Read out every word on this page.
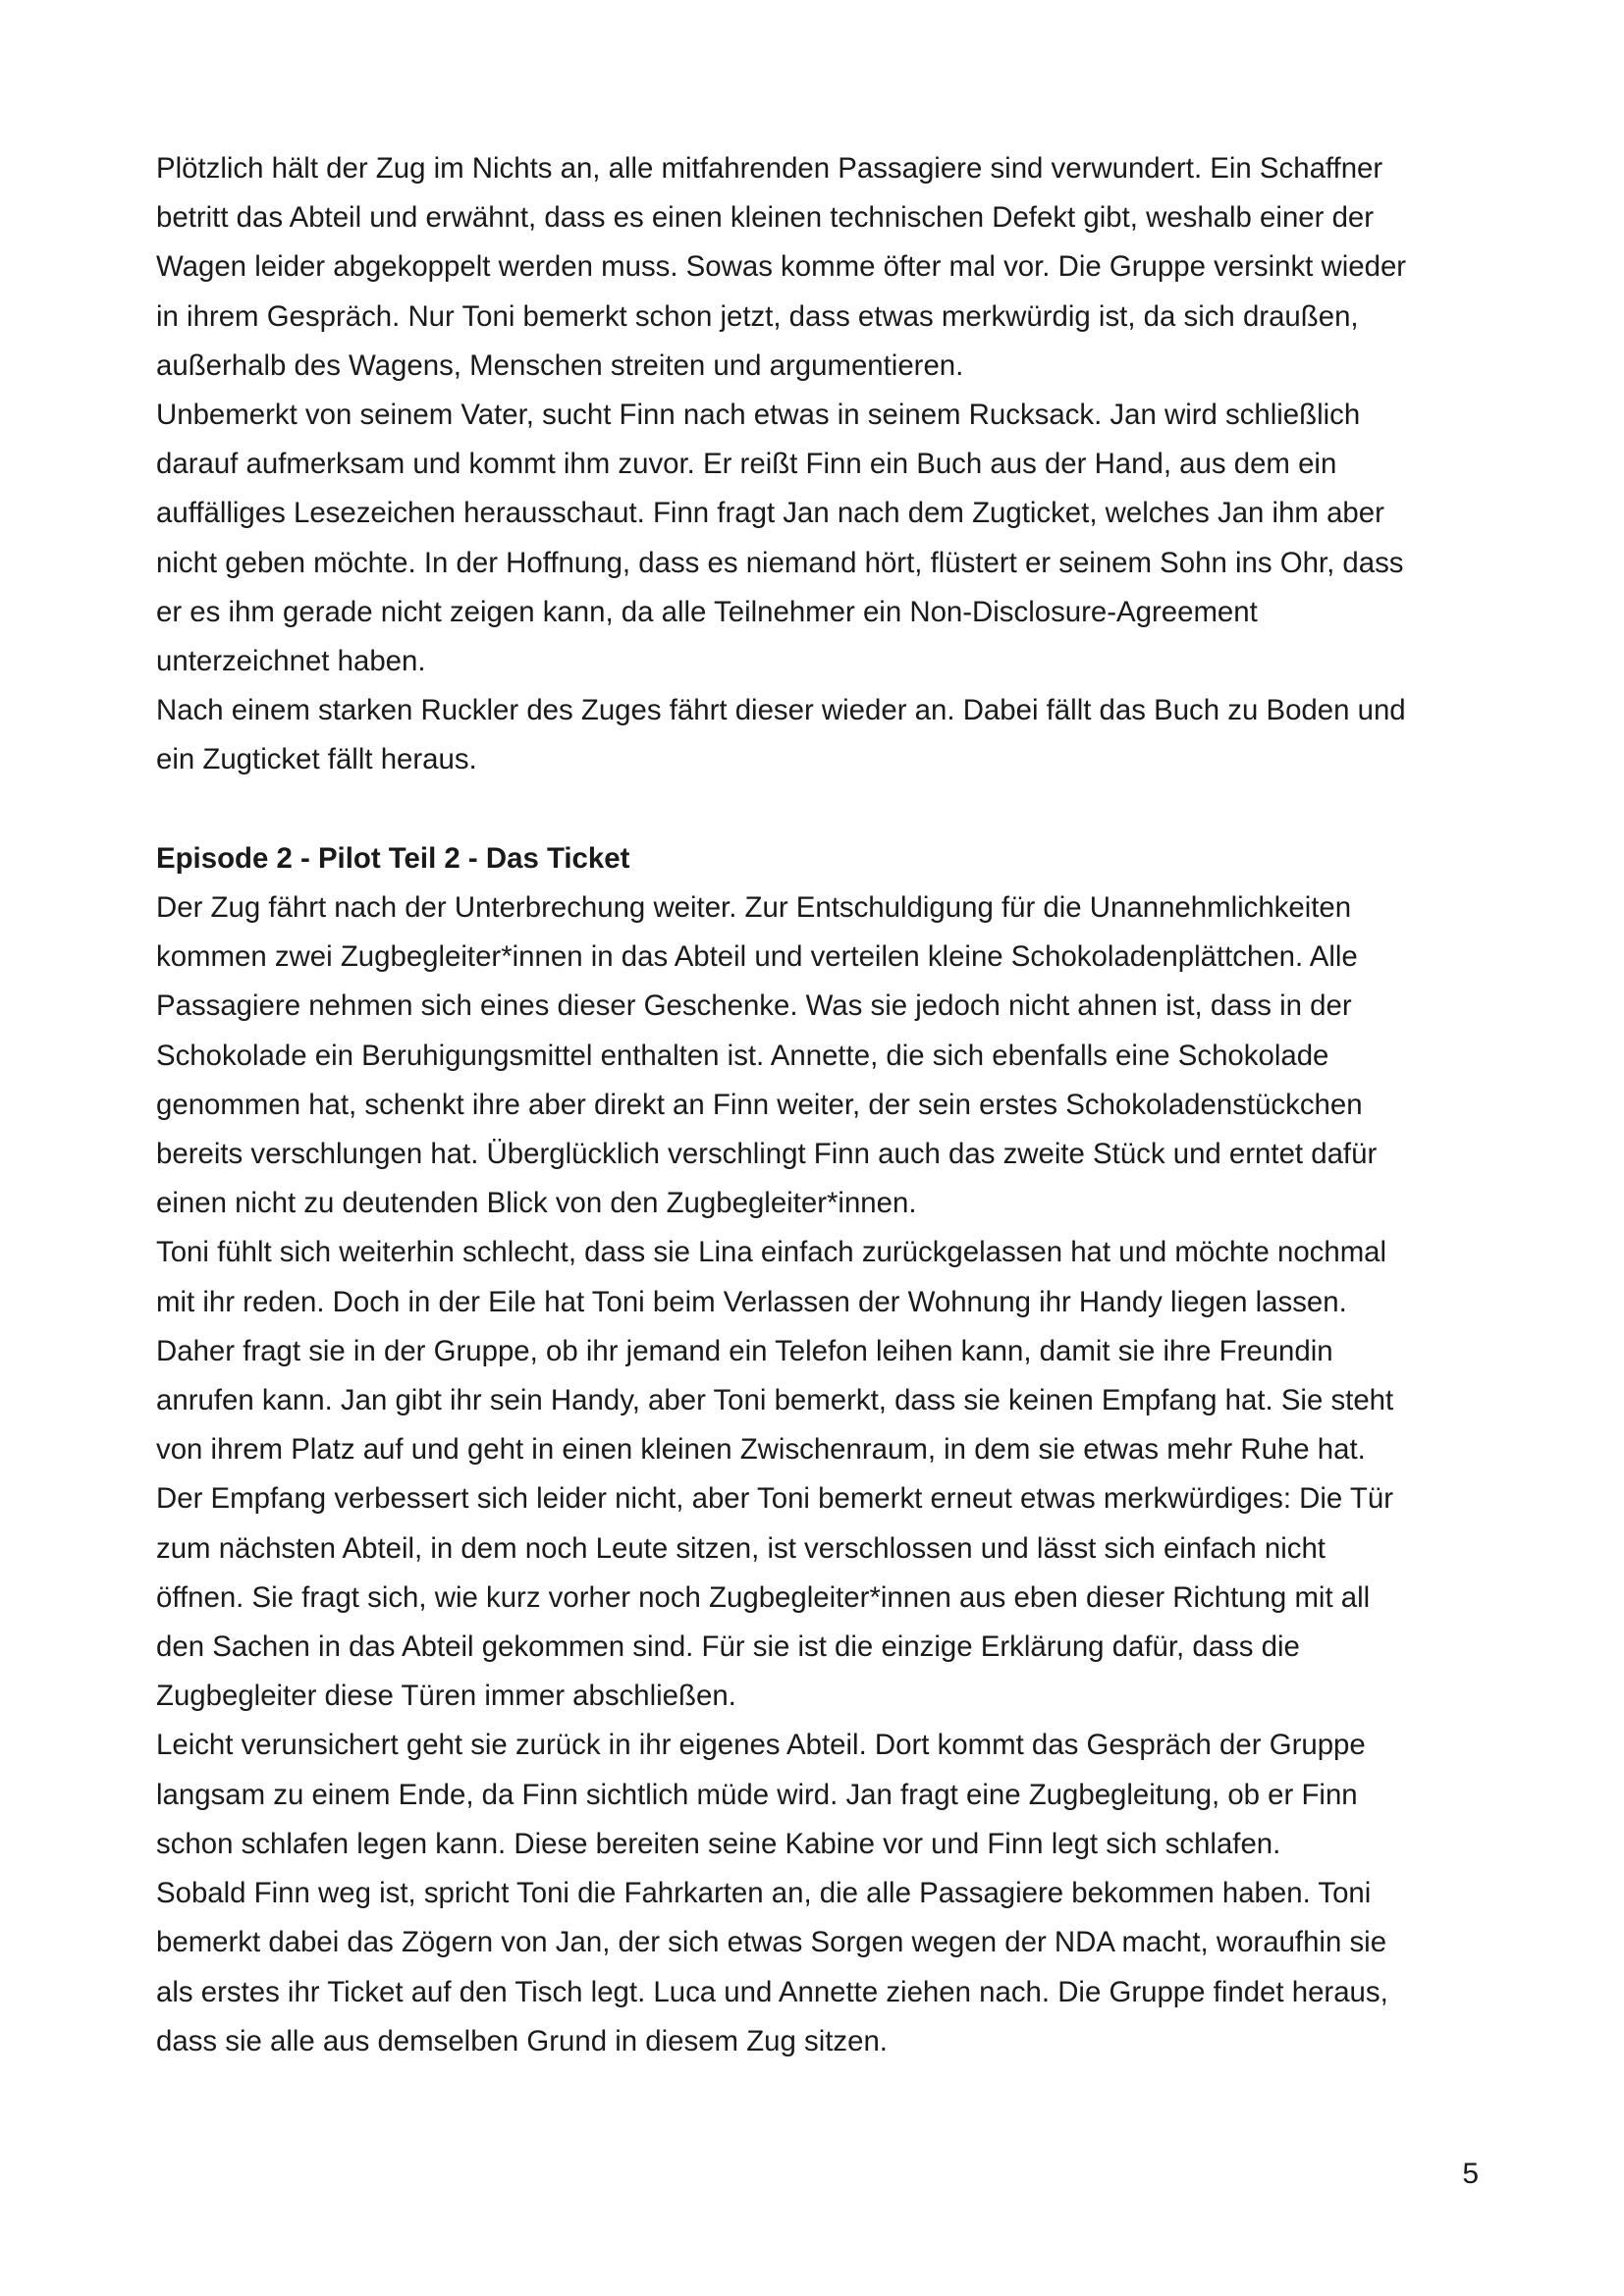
Plötzlich hält der Zug im Nichts an, alle mitfahrenden Passagiere sind verwundert. Ein Schaffner
betritt das Abteil und erwähnt, dass es einen kleinen technischen Defekt gibt, weshalb einer der
Wagen leider abgekoppelt werden muss. Sowas komme öfter mal vor. Die Gruppe versinkt wieder
in ihrem Gespräch. Nur Toni bemerkt schon jetzt, dass etwas merkwürdig ist, da sich draußen,
außerhalb des Wagens, Menschen streiten und argumentieren.

Unbemerkt von seinem Vater, sucht Finn nach etwas in seinem Rucksack. Jan wird schließlich
darauf aufmerksam und kommt ihm zuvor. Er reißt Finn ein Buch aus der Hand, aus dem ein
auffälliges Lesezeichen herausschaut. Finn fragt Jan nach dem Zugticket, welches Jan ihm aber
nicht geben möchte. In der Hoffnung, dass es niemand hört, flüstert er seinem Sohn ins Ohr, dass
er es ihm gerade nicht zeigen kann, da alle Teilnehmer ein Non-Disclosure-Agreement
unterzeichnet haben.

Nach einem starken Ruckler des Zuges fährt dieser wieder an. Dabei fällt das Buch zu Boden und
ein Zugticket fällt heraus.

Episode 2 - Pilot Teil 2 - Das Ticket

Der Zug fährt nach der Unterbrechung weiter. Zur Entschuldigung für die Unannehmlichkeiten
kommen zwei Zugbegleiter*innen in das Abteil und verteilen kleine Schokoladenplättchen. Alle
Passagiere nehmen sich eines dieser Geschenke. Was sie jedoch nicht ahnen ist, dass in der
Schokolade ein Beruhigungsmittel enthalten ist. Annette, die sich ebenfalls eine Schokolade
genommen hat, schenkt ihre aber direkt an Finn weiter, der sein erstes Schokoladenstückchen
bereits verschlungen hat. Überglücklich verschlingt Finn auch das zweite Stück und erntet dafür
einen nicht zu deutenden Blick von den Zugbegleiter*innen.

Toni fühlt sich weiterhin schlecht, dass sie Lina einfach zurückgelassen hat und möchte nochmal
mit ihr reden. Doch in der Eile hat Toni beim Verlassen der Wohnung ihr Handy liegen lassen.
Daher fragt sie in der Gruppe, ob ihr jemand ein Telefon leihen kann, damit sie ihre Freundin
anrufen kann. Jan gibt ihr sein Handy, aber Toni bemerkt, dass sie keinen Empfang hat. Sie steht
von ihrem Platz auf und geht in einen kleinen Zwischenraum, in dem sie etwas mehr Ruhe hat.
Der Empfang verbessert sich leider nicht, aber Toni bemerkt erneut etwas merkwürdiges: Die Tür
zum nächsten Abteil, in dem noch Leute sitzen, ist verschlossen und lässt sich einfach nicht
öffnen. Sie fragt sich, wie kurz vorher noch Zugbegleiter*innen aus eben dieser Richtung mit all
den Sachen in das Abteil gekommen sind. Für sie ist die einzige Erklärung dafür, dass die
Zugbegleiter diese Türen immer abschließen.

Leicht verunsichert geht sie zurück in ihr eigenes Abteil. Dort kommt das Gespräch der Gruppe
langsam zu einem Ende, da Finn sichtlich müde wird. Jan fragt eine Zugbegleitung, ob er Finn
schon schlafen legen kann. Diese bereiten seine Kabine vor und Finn legt sich schlafen.

Sobald Finn weg ist, spricht Toni die Fahrkarten an, die alle Passagiere bekommen haben. Toni
bemerkt dabei das Zögern von Jan, der sich etwas Sorgen wegen der NDA macht, woraufhin sie
als erstes ihr Ticket auf den Tisch legt. Luca und Annette ziehen nach. Die Gruppe findet heraus,
dass sie alle aus demselben Grund in diesem Zug sitzen.

5
